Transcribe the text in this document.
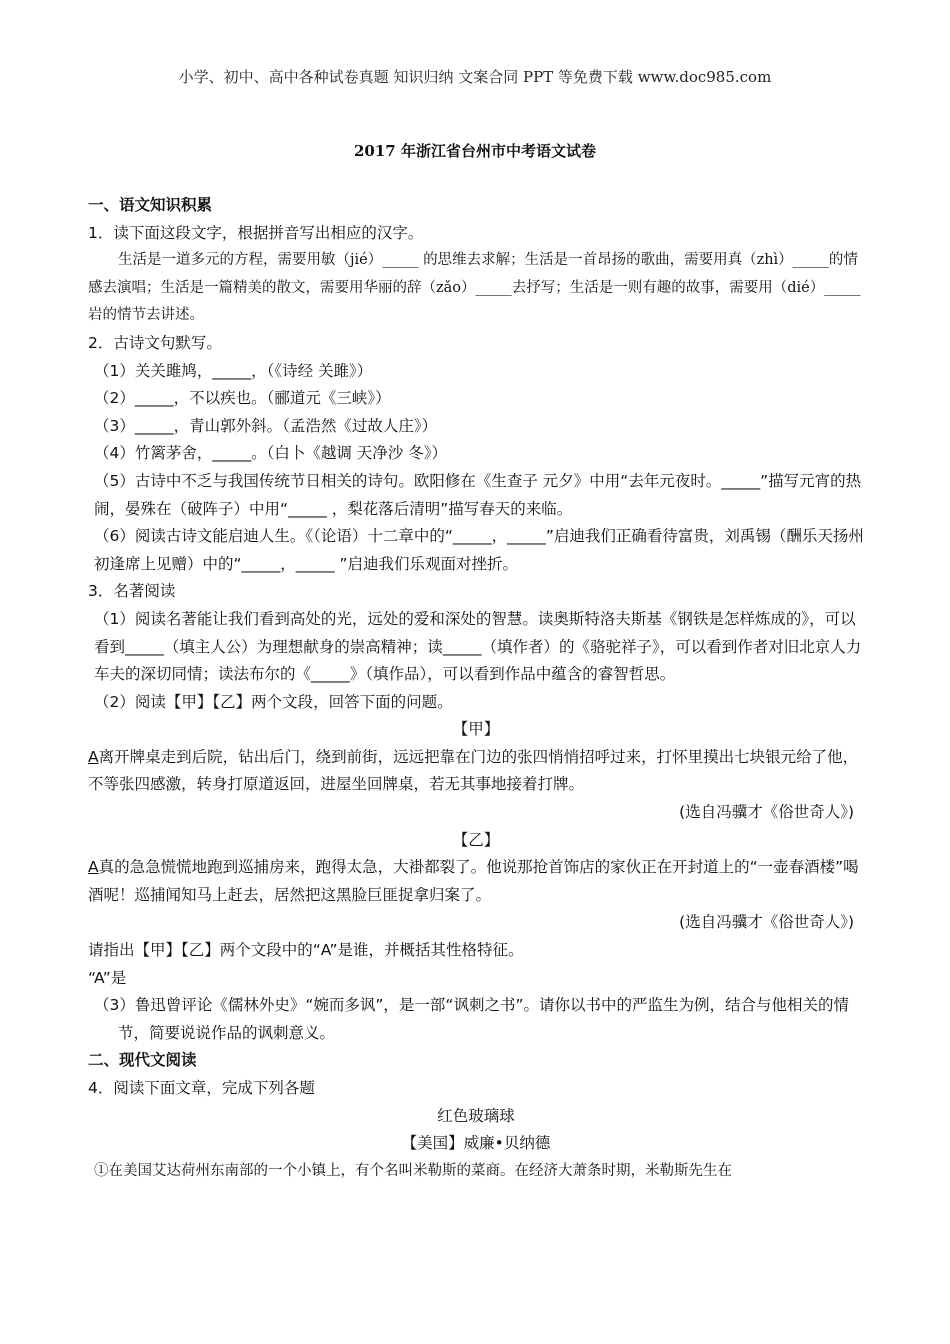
小学、初中、高中各种试卷真题 知识归纳 文案合同 PPT 等免费下载 www.doc985.com
2017 年浙江省台州市中考语文试卷
一、语文知识积累
1．读下面这段文字，根据拼音写出相应的汉字。
生活是一道多元的方程，需要用敏（jié）_____ 的思维去求解；生活是一首昂扬的歌曲，需要用真（zhì）_____的情感去演唱；生活是一篇精美的散文，需要用华丽的辞（zǎo）_____去抒写；生活是一则有趣的故事，需要用（dié）_____ 岩的情节去讲述。
2．古诗文句默写。
（1）关关雎鸠，_____，（《诗经 关雎》）
（2）_____，不以疾也。（郦道元《三峡》）
（3）_____，青山郭外斜。（孟浩然《过故人庄》）
（4）竹篱茅舍，_____。（白卜《越调 天净沙 冬》）
（5）古诗中不乏与我国传统节日相关的诗句。欧阳修在《生查子 元夕》中用“去年元夜时。_____”描写元宵的热闹，晏殊在（破阵子）中用“_____ ，梨花落后清明”描写春天的来临。
（6）阅读古诗文能启迪人生。《（论语）十二章中的“_____，_____”启迪我们正确看待富贵，刘禹锡（酬乐天扬州初逢席上见赠）中的“_____，_____ ”启迪我们乐观面对挫折。
3．名著阅读
（1）阅读名著能让我们看到高处的光，远处的爱和深处的智慧。读奥斯特洛夫斯基《钢铁是怎样炼成的》，可以看到_____（填主人公）为理想献身的崇高精神；读_____（填作者）的《骆驼祥子》，可以看到作者对旧北京人力车夫的深切同情；读法布尔的《_____》（填作品），可以看到作品中蕴含的睿智哲思。
（2）阅读【甲】【乙】两个文段，回答下面的问题。
【甲】
A离开牌桌走到后院，钻出后门，绕到前街，远远把靠在门边的张四悄悄招呼过来，打怀里摸出七块银元给了他，不等张四感激，转身打原道返回，进屋坐回牌桌，若无其事地接着打牌。
(选自冯骥才《俗世奇人》)
【乙】
A真的急急慌慌地跑到巡捕房来，跑得太急，大褂都裂了。他说那抢首饰店的家伙正在开封道上的“一壶春酒楼”喝酒呢！巡捕闻知马上赶去，居然把这黑脸巨匪捉拿归案了。
(选自冯骥才《俗世奇人》)
请指出【甲】【乙】两个文段中的“A”是谁，并概括其性格特征。
“A”是
（3）鲁迅曾评论《儒林外史》“婉而多讽”，是一部“讽刺之书”。请你以书中的严监生为例，结合与他相关的情节，简要说说作品的讽刺意义。
二、现代文阅读
4．阅读下面文章，完成下列各题
红色玻璃球
【美国】威廉•贝纳德
①在美国艾达荷州东南部的一个小镇上，有个名叫米勒斯的菜商。在经济大萧条时期，米勒斯先生在
